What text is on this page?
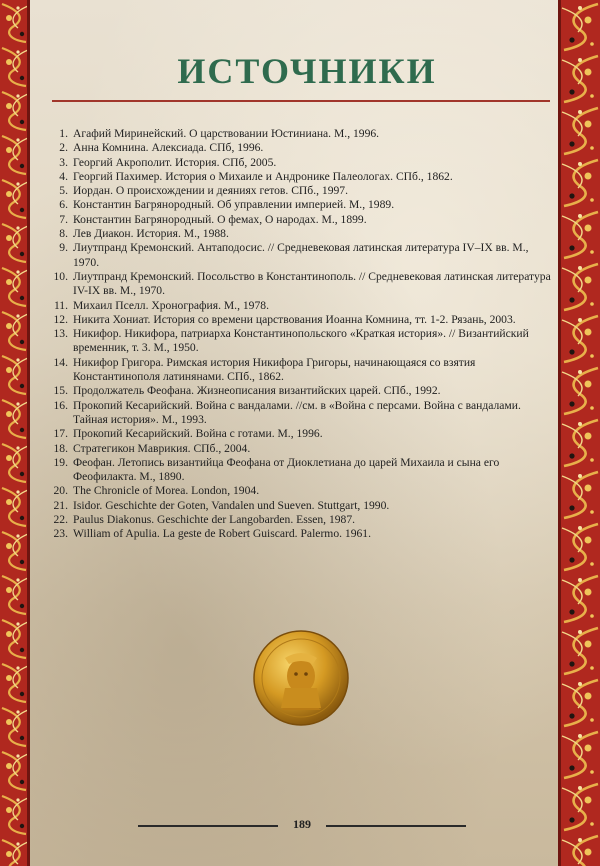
ИСТОЧНИКИ
1. Агафий Миринейский. О царствовании Юстиниана. М., 1996.
2. Анна Комнина. Алексиада. СПб, 1996.
3. Георгий Акрополит. История. СПб, 2005.
4. Георгий Пахимер. История о Михаиле и Андронике Палеологах. СПб., 1862.
5. Иордан. О происхождении и деяниях гетов. СПб., 1997.
6. Константин Багрянородный. Об управлении империей. М., 1989.
7. Константин Багрянородный. О фемах, О народах. М., 1899.
8. Лев Диакон. История. М., 1988.
9. Лиутпранд Кремонский. Антаподосис. // Средневековая латинская литература IV–IX вв. М., 1970.
10. Лиутпранд Кремонский. Посольство в Константинополь. // Средневековая латинская литература IV-IX вв. М., 1970.
11. Михаил Пселл. Хронография. М., 1978.
12. Никита Хониат. История со времени царствования Иоанна Комнина, тт. 1-2. Рязань, 2003.
13. Никифор. Никифора, патриарха Константинопольского «Краткая история». // Византийский временник, т. 3. М., 1950.
14. Никифор Григора. Римская история Никифора Григоры, начинающаяся со взятия Константинополя латинянами. СПб., 1862.
15. Продолжатель Феофана. Жизнеописания византийских царей. СПб., 1992.
16. Прокопий Кесарийский. Война с вандалами. //см. в «Война с персами. Война с вандалами. Тайная история». М., 1993.
17. Прокопий Кесарийский. Война с готами. М., 1996.
18. Стратегикон Маврикия. СПб., 2004.
19. Феофан. Летопись византийца Феофана от Диоклетиана до царей Михаила и сына его Феофилакта. М., 1890.
20. The Chronicle of Morea. London, 1904.
21. Isidor. Geschichte der Goten, Vandalen und Sueven. Stuttgart, 1990.
22. Paulus Diakonus. Geschichte der Langobarden. Essen, 1987.
23. William of Apulia. La geste de Robert Guiscard. Palermo. 1961.
189
